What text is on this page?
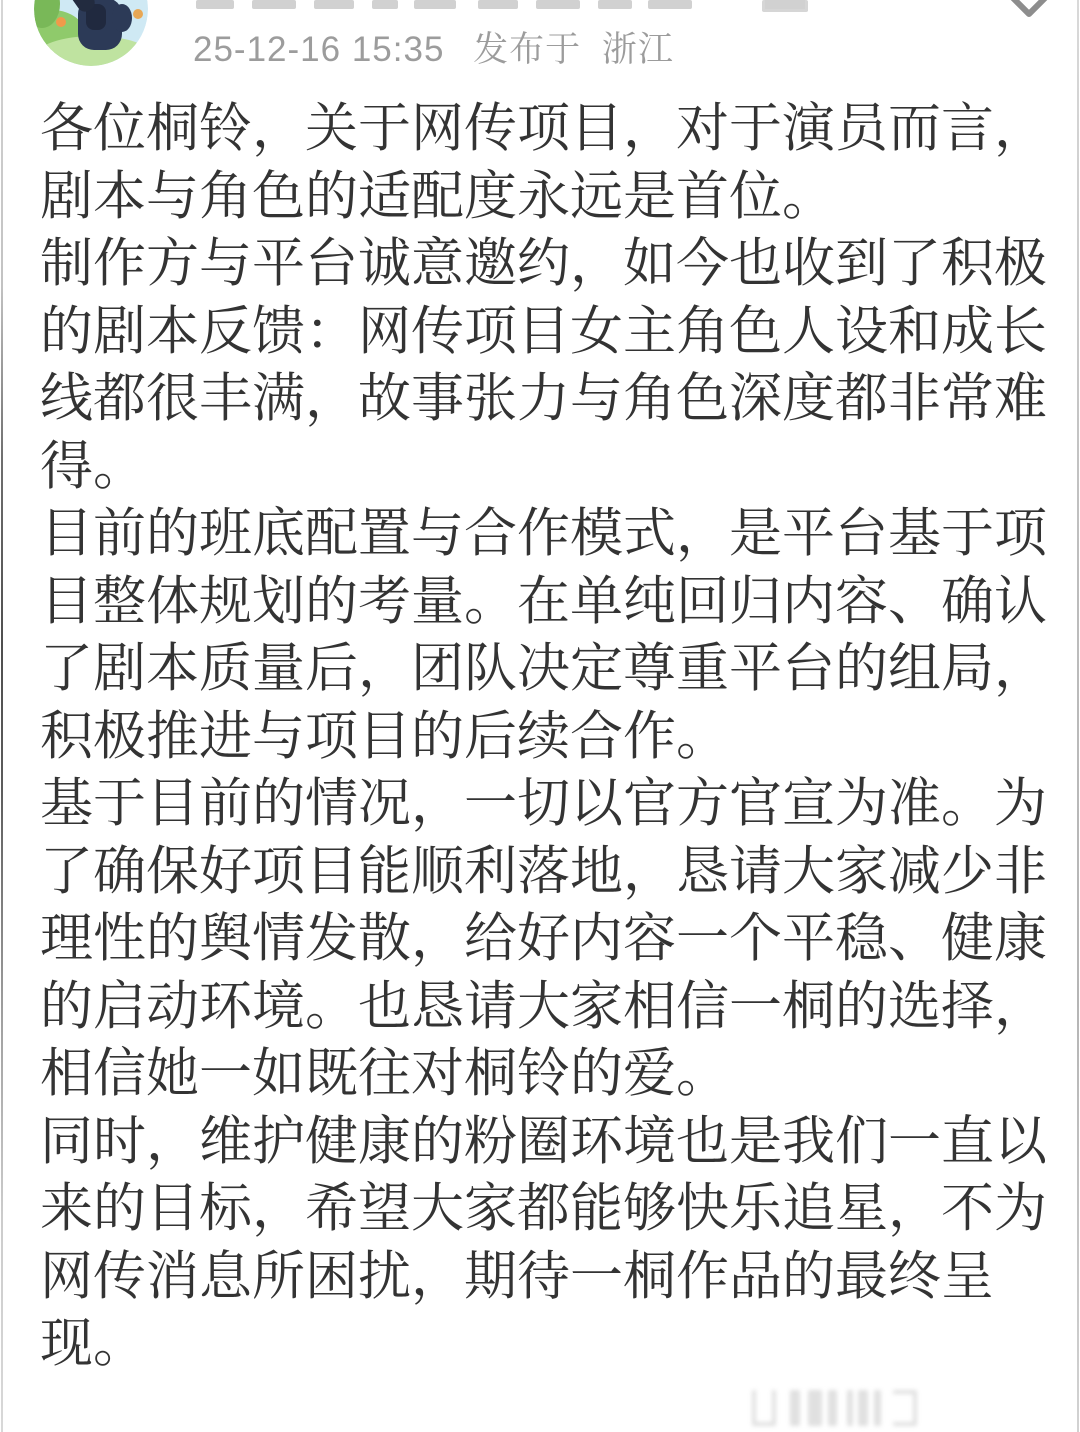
25-12-16 15:35 发布于 浙江

各位桐铃，关于网传项目，对于演员而言，剧本与角色的适配度永远是首位。

制作方与平台诚意邀约，如今也收到了积极的剧本反馈：网传项目女主角色人设和成长线都很丰满，故事张力与角色深度都非常难得。

目前的班底配置与合作模式，是平台基于项目整体规划的考量。在单纯回归内容、确认了剧本质量后，团队决定尊重平台的组局，积极推进与项目的后续合作。

基于目前的情况，一切以官方官宣为准。为了确保好项目能顺利落地，恳请大家减少非理性的舆情发散，给好内容一个平稳、健康的启动环境。也恳请大家相信一桐的选择，相信她一如既往对桐铃的爱。

同时，维护健康的粉圈环境也是我们一直以来的目标，希望大家都能够快乐追星，不为网传消息所困扰，期待一桐作品的最终呈现。
